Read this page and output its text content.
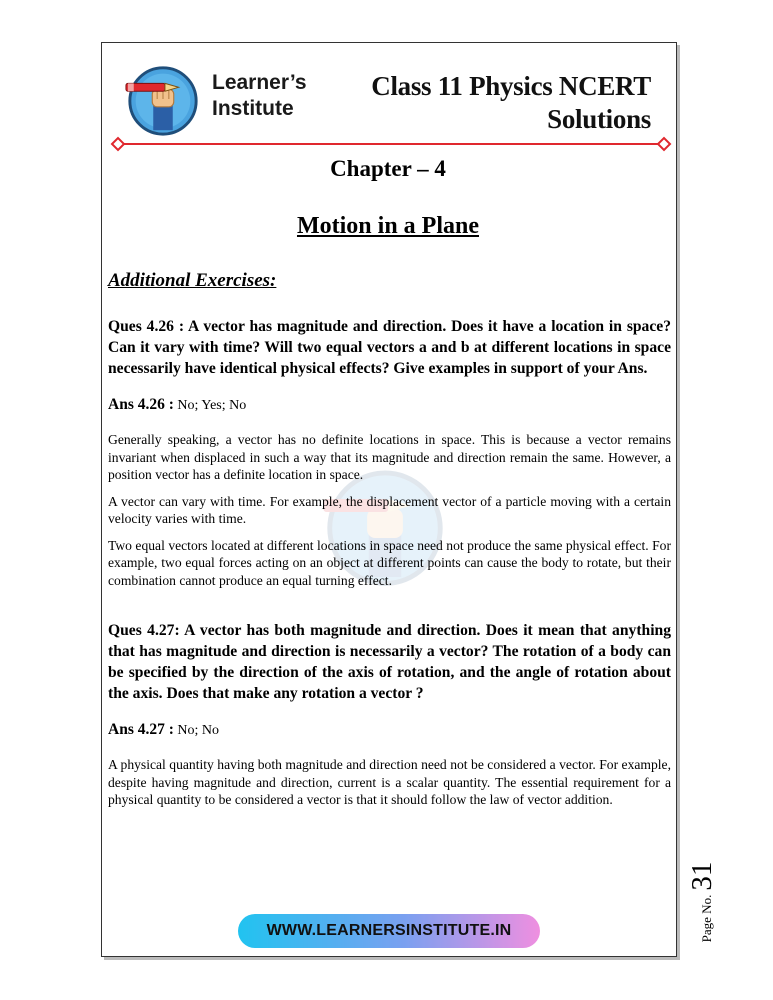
Learner’s
Institute
Class 11 Physics NCERT
Solutions
Chapter – 4
Motion in a Plane
Additional Exercises:
Ques 4.26 : A vector has magnitude and direction. Does it have a location in space? Can it vary with time? Will two equal vectors a and b at different locations in space necessarily have identical physical effects? Give examples in support of your Ans.
Ans 4.26 : No; Yes; No
Generally speaking, a vector has no definite locations in space. This is because a vector remains invariant when displaced in such a way that its magnitude and direction remain the same. However, a position vector has a definite location in space.
A vector can vary with time. For example, the displacement vector of a particle moving with a certain velocity varies with time.
Two equal vectors located at different locations in space need not produce the same physical effect. For example, two equal forces acting on an object at different points can cause the body to rotate, but their combination cannot produce an equal turning effect.
Ques 4.27: A vector has both magnitude and direction. Does it mean that anything that has magnitude and direction is necessarily a vector? The rotation of a body can be specified by the direction of the axis of rotation, and the angle of rotation about the axis. Does that make any rotation a vector ?
Ans 4.27 : No; No
A physical quantity having both magnitude and direction need not be considered a vector. For example, despite having magnitude and direction, current is a scalar quantity. The essential requirement for a physical quantity to be considered a vector is that it should follow the law of vector addition.
WWW.LEARNERSINSTITUTE.IN	Page No.
31
